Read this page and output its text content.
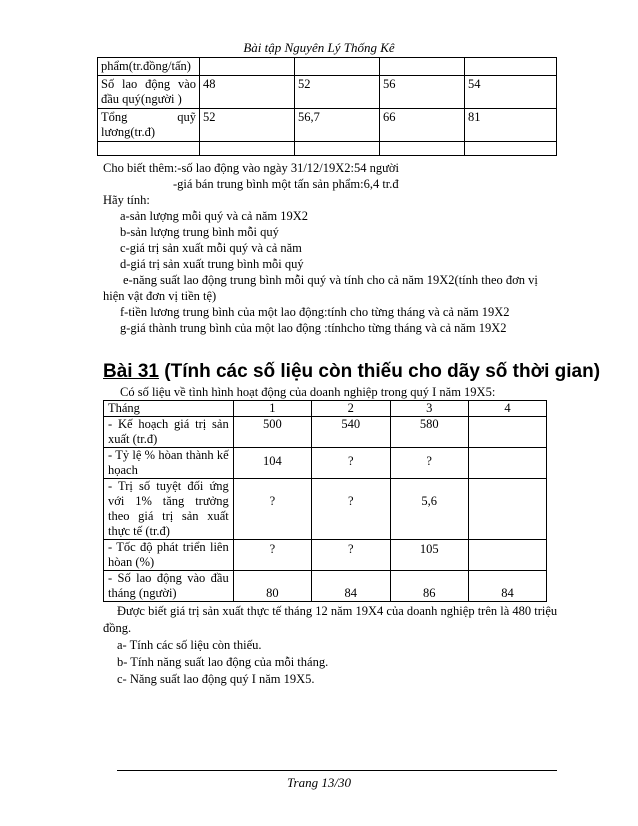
Bài tập Nguyên Lý Thống Kê
phẩm(tr.đồng/tấn)				
Số lao động vào đầu quý(người )	48	52	56	54
Tổng quỹ lương(tr.đ)	52	56,7	66	81

Cho biết thêm:-số lao động vào ngày 31/12/19X2:54 người

-giá bán trung bình một tấn sản phẩm:6,4 tr.đ

Hãy tính:

a-sản lượng mỗi quý và cả năm 19X2

b-sản lượng trung bình mỗi quý

c-giá trị sản xuất mỗi quý và cả năm

d-giá trị sản xuất trung bình mỗi quý

e-năng suất lao động trung bình mỗi quý và tính cho cả năm 19X2(tính theo đơn vị

hiện vật đơn vị tiền tệ)

f-tiền lương trung bình của một lao động:tính cho từng tháng và cả năm 19X2

g-giá thành trung bình của một lao động :tínhcho từng tháng và cả năm 19X2

Bài 31 (Tính các số liệu còn thiếu cho dãy số thời gian)
Có số liệu về tình hình hoạt động của doanh nghiệp trong quý I năm 19X5:
Tháng	1	2	3	4
- Kế hoạch giá trị sản xuất (tr.đ)	500	540	580	
- Tỷ lệ % hòan thành kế họach	104	?	?	
- Trị số tuyệt đối ứng với 1% tăng trưởng theo giá trị sản xuất thực tế (tr.đ)	?	?	5,6	
- Tốc độ phát triển liên hòan (%)	?	?	105	
- Số lao động vào đầu tháng (người)	80	84	86	84

Được biết giá trị sản xuất thực tế tháng 12 năm 19X4 của doanh nghiệp trên là 480 triệu đồng.

a- Tính các số liệu còn thiếu.

b- Tính năng suất lao động của mỗi tháng.

c- Năng suất lao động quý I năm 19X5.

Trang 13/30
